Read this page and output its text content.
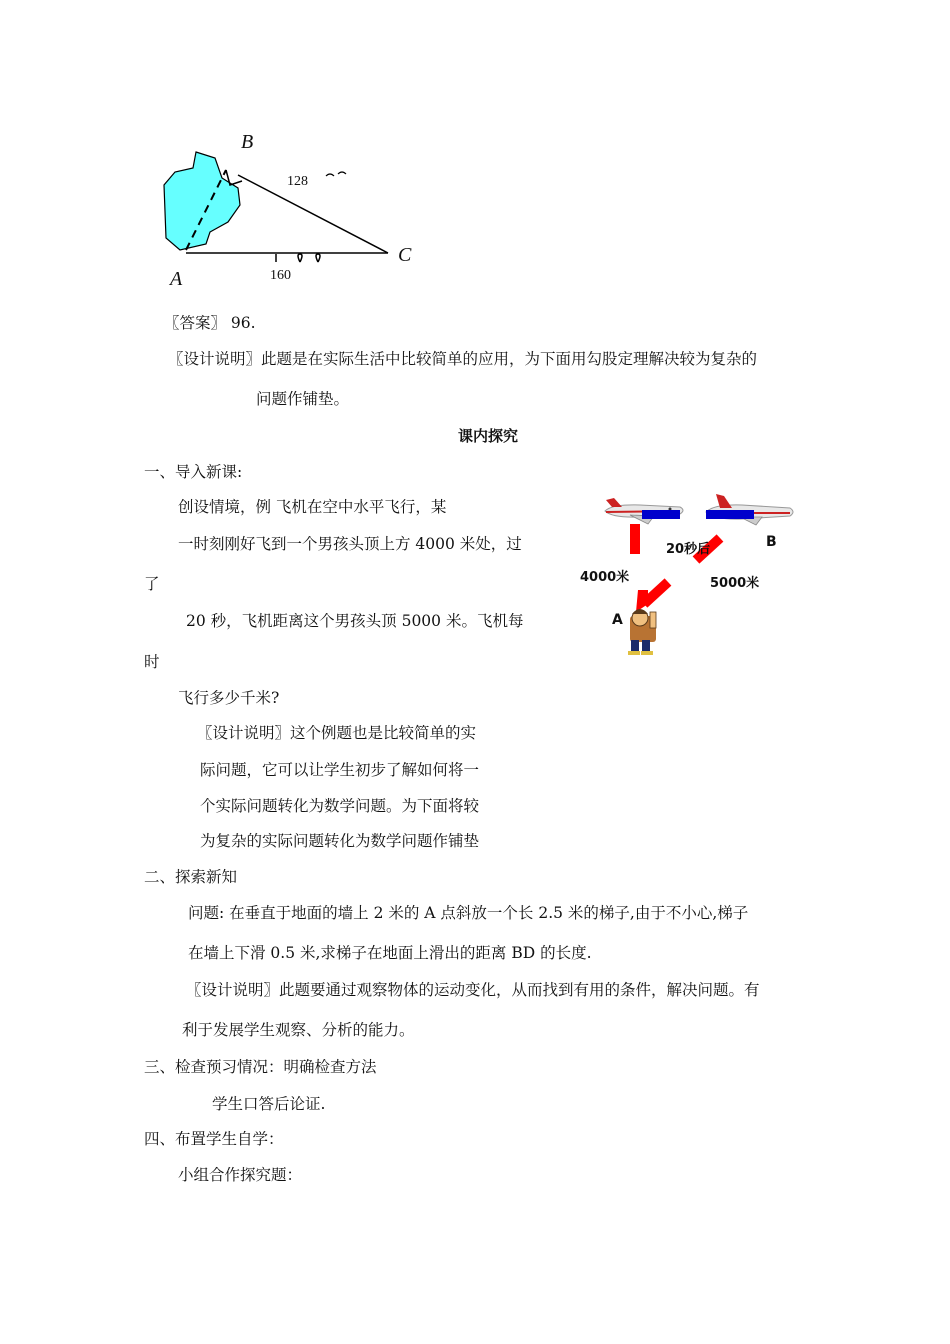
B
A
C
128
160
〖答案〗 96.
〖设计说明〗此题是在实际生活中比较简单的应用，为下面用勾股定理解决较为复杂的
问题作铺垫。
课内探究
一、导入新课:
创设情境，例 飞机在空中水平飞行，某
一时刻刚好飞到一个男孩头顶上方 4000 米处，过
了
20 秒，飞机距离这个男孩头顶 5000 米。飞机每
时
飞行多少千米?
〖设计说明〗这个例题也是比较简单的实
际问题，它可以让学生初步了解如何将一
个实际问题转化为数学问题。为下面将较
为复杂的实际问题转化为数学问题作铺垫
20秒后	B
4000米	5000米
A
二、探索新知
问题: 在垂直于地面的墙上 2 米的 A 点斜放一个长 2.5 米的梯子,由于不小心,梯子
在墙上下滑 0.5 米,求梯子在地面上滑出的距离 BD 的长度.
〖设计说明〗此题要通过观察物体的运动变化，从而找到有用的条件，解决问题。有
利于发展学生观察、分析的能力。
三、检查预习情况：明确检查方法
学生口答后论证.
四、布置学生自学：
小组合作探究题：
